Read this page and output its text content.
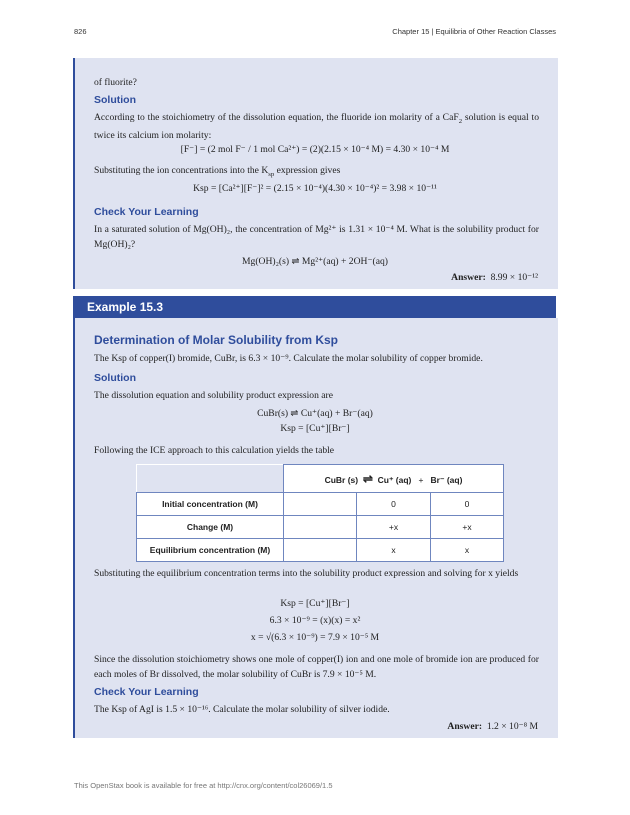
826	Chapter 15 | Equilibria of Other Reaction Classes
of fluorite?
Solution
According to the stoichiometry of the dissolution equation, the fluoride ion molarity of a CaF$_2$ solution is equal to twice its calcium ion molarity:
[F⁻] = (2 mol F⁻ / 1 mol Ca²⁺) = (2)(2.15 × 10⁻⁴ M) = 4.30 × 10⁻⁴ M
Substituting the ion concentrations into the $K_{sp}$ expression gives
Ksp = [Ca²⁺][F⁻]² = (2.15 × 10⁻⁴)(4.30 × 10⁻⁴)² = 3.98 × 10⁻¹¹
Check Your Learning
In a saturated solution of Mg(OH)₂, the concentration of Mg²⁺ is 1.31 × 10⁻⁴ M. What is the solubility product for Mg(OH)₂?
Mg(OH)₂(s) ⇌ Mg²⁺(aq) + 2OH⁻(aq)
Answer: 8.99 × 10⁻¹²
Example 15.3
Determination of Molar Solubility from Ksp
The Ksp of copper(I) bromide, CuBr, is 6.3 × 10⁻⁹. Calculate the molar solubility of copper bromide.
Solution
The dissolution equation and solubility product expression are
CuBr(s) ⇌ Cu⁺(aq) + Br⁻(aq)
Ksp = [Cu⁺][Br⁻]
Following the ICE approach to this calculation yields the table
	CuBr (s) ⇌ Cu⁺ (aq) + Br⁻ (aq)		
Initial concentration (M)		0	0
Change (M)		+x	+x
Equilibrium concentration (M)		x	x
Substituting the equilibrium concentration terms into the solubility product expression and solving for x yields
Ksp = [Cu⁺][Br⁻]
6.3 × 10⁻⁹ = (x)(x) = x²
x = √(6.3 × 10⁻⁹) = 7.9 × 10⁻⁵ M
Since the dissolution stoichiometry shows one mole of copper(I) ion and one mole of bromide ion are produced for each moles of Br dissolved, the molar solubility of CuBr is 7.9 × 10⁻⁵ M.
Check Your Learning
The Ksp of AgI is 1.5 × 10⁻¹⁶. Calculate the molar solubility of silver iodide.
Answer: 1.2 × 10⁻⁸ M
This OpenStax book is available for free at http://cnx.org/content/col26069/1.5
